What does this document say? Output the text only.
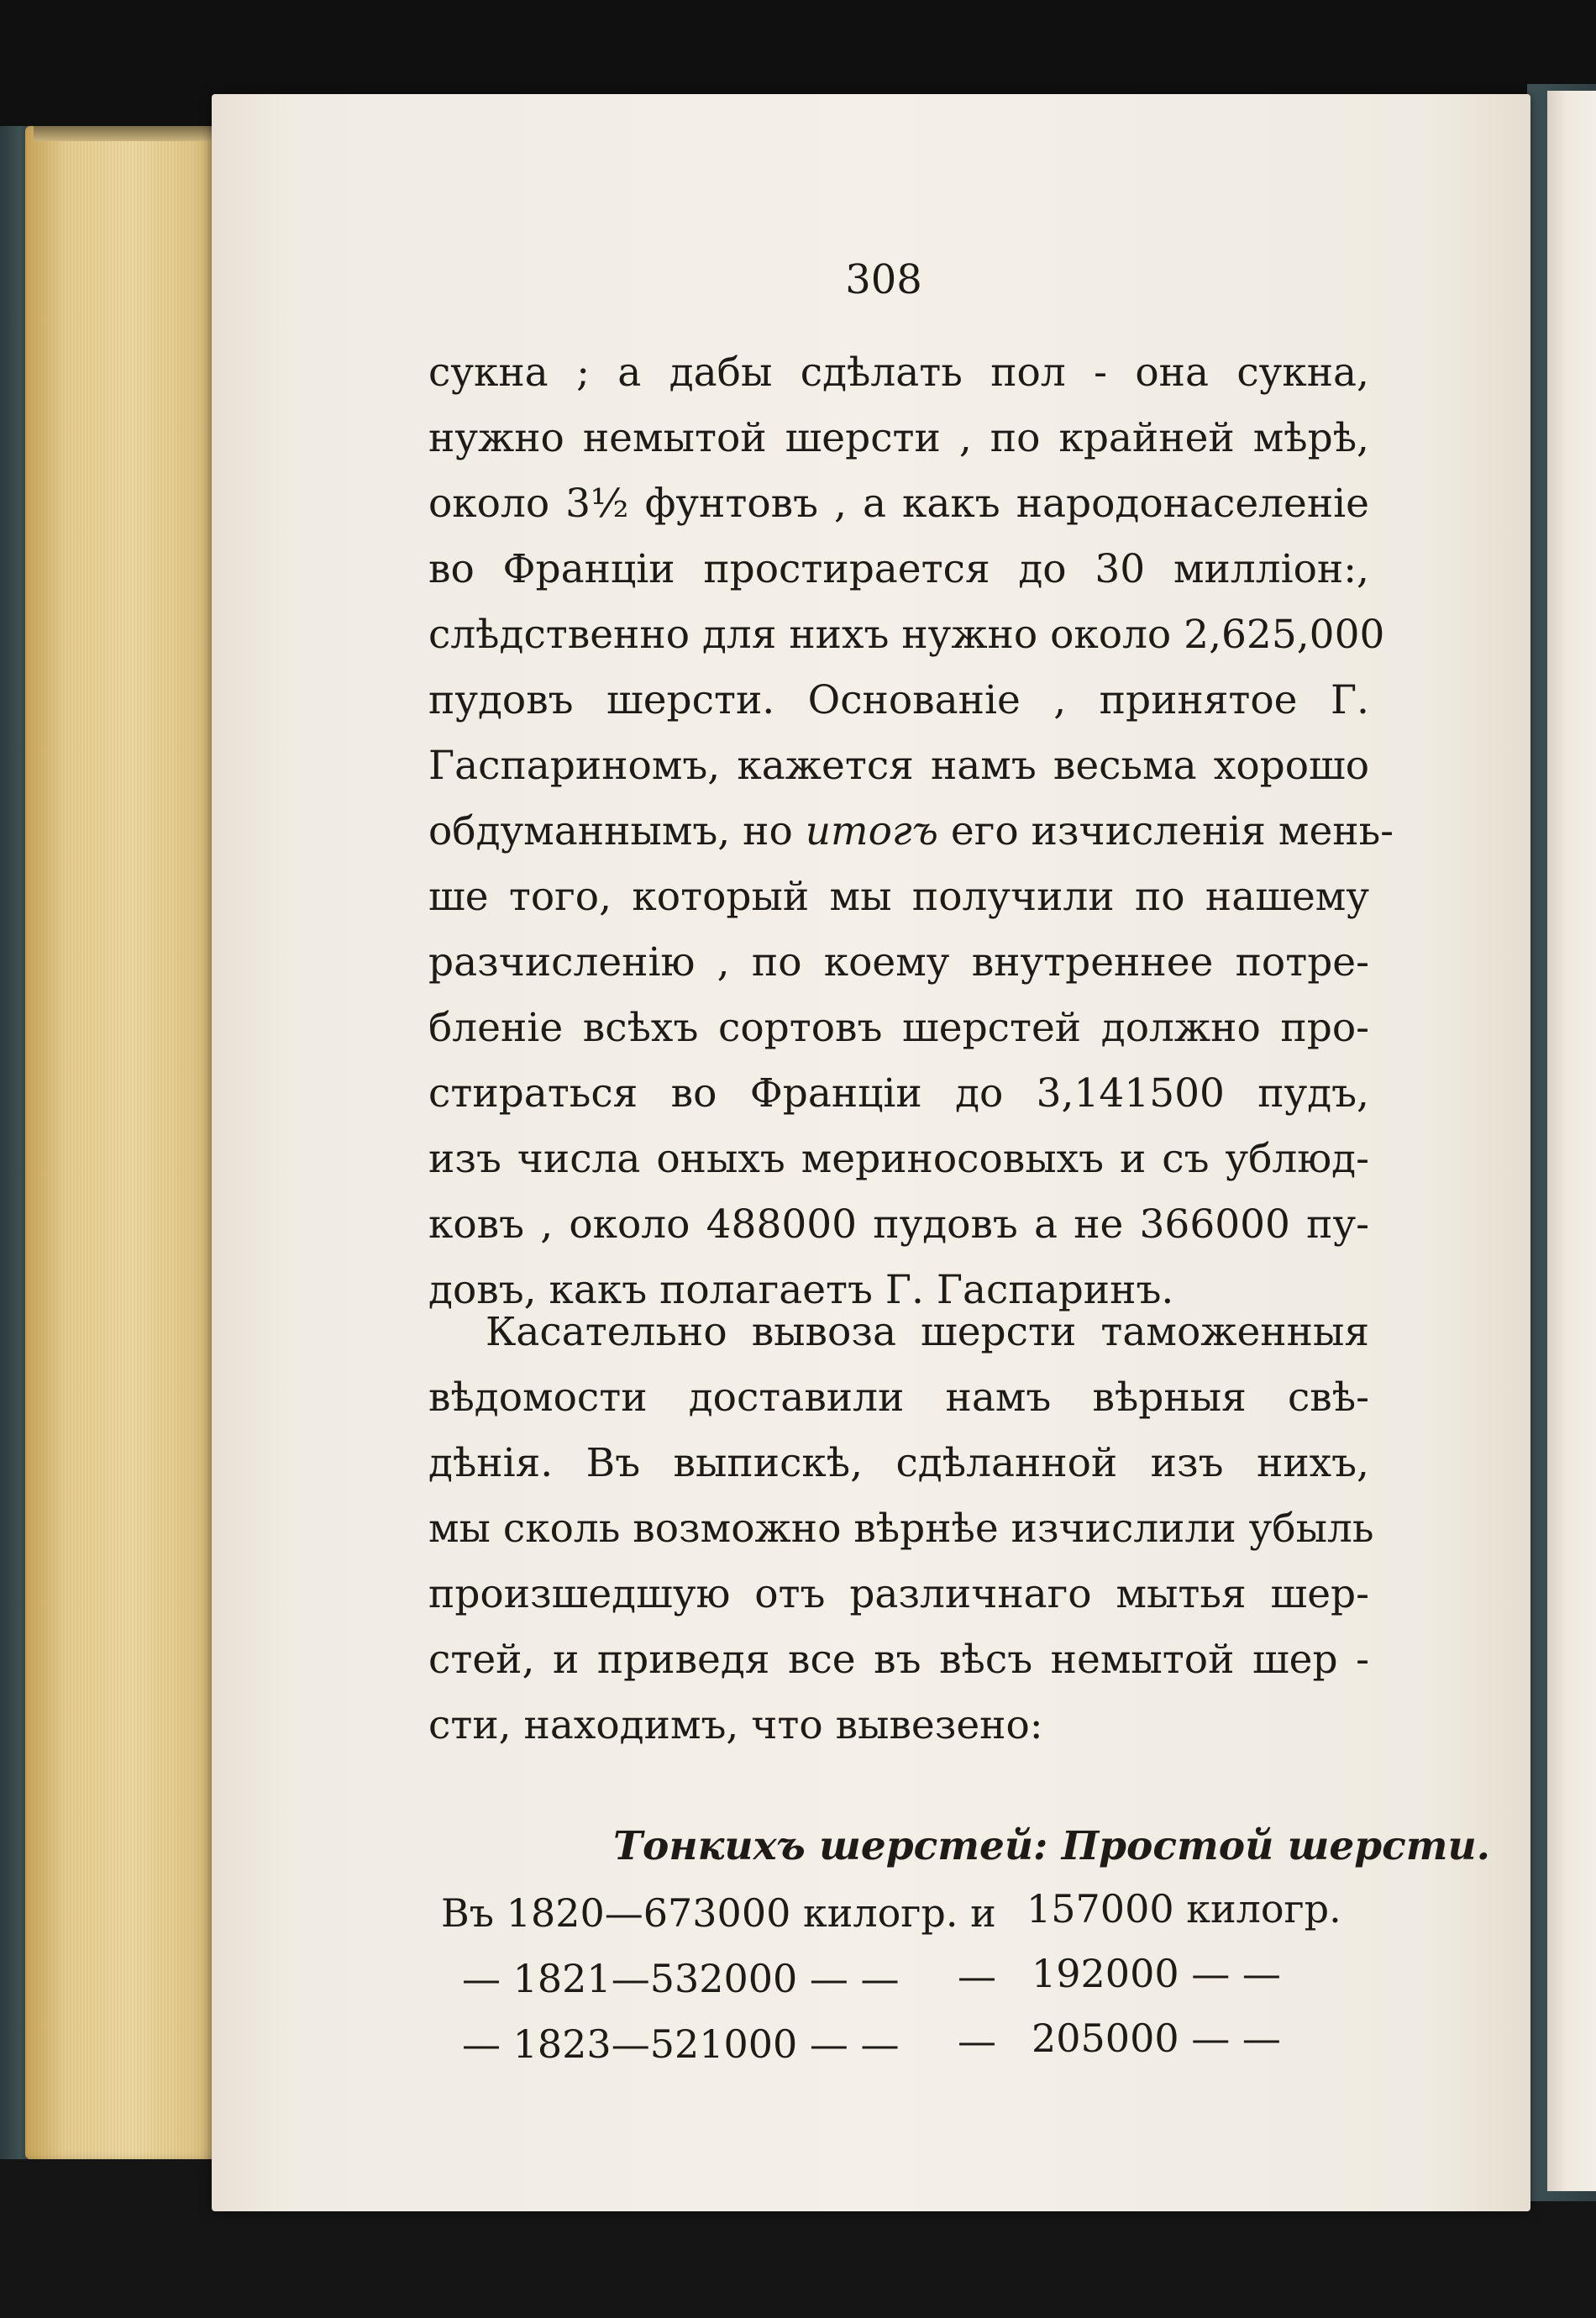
308
сукна ; а дабы сдѣлать пол - она сукна,
нужно немытой шерсти , по крайней мѣрѣ,
около 3½ фунтовъ , а какъ народонаселеніе
во Франціи простирается до 30 милліон:,
слѣдственно для нихъ нужно около 2,625,000
пудовъ шерсти. Основаніе , принятое Г.
Гаспариномъ, кажется намъ весьма хорошо
обдуманнымъ, но итогъ его изчисленія мень-
ше того, который мы получили по нашему
разчисленію , по коему внутреннее потре-
бленіе всѣхъ сортовъ шерстей должно про-
стираться во Франціи до 3,141500 пудъ,
изъ числа оныхъ мериносовыхъ и съ ублюд-
ковъ , около 488000 пудовъ а не 366000 пу-
довъ, какъ полагаетъ Г. Гаспаринъ.
Касательно вывоза шерсти таможенныя
вѣдомости доставили намъ вѣрныя свѣ-
дѣнія. Въ выпискѣ, сдѣланной изъ нихъ,
мы сколь возможно вѣрнѣе изчислили убыль
произшедшую отъ различнаго мытья шер-
стей, и приведя все въ вѣсъ немытой шер -
сти, находимъ, что вывезено:
Тонкихъ шерстей: Простой шерсти.
Въ 1820—673000 килогр. и 157000 килогр.
— 1821—532000 — — — 192000 — —
— 1823—521000 — — — 205000 — —
